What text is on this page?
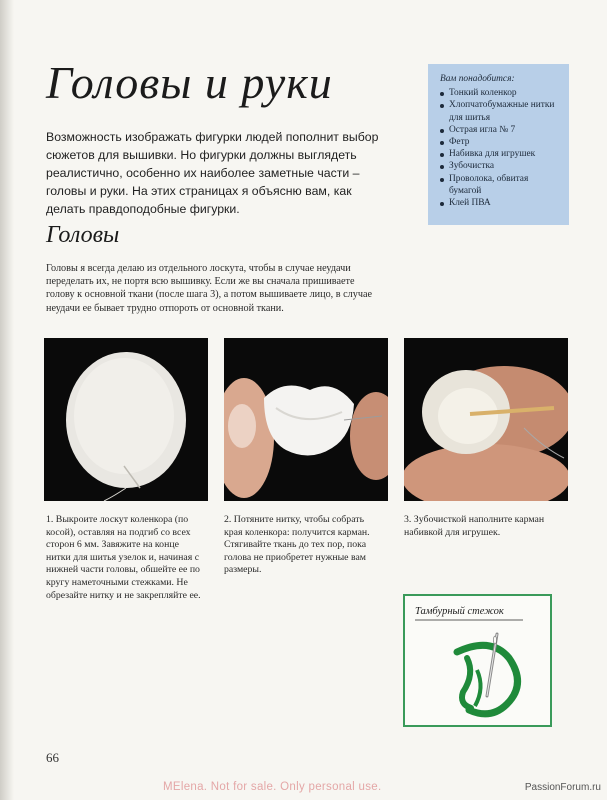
Головы и руки
Возможность изображать фигурки людей пополнит выбор сюжетов для вышивки. Но фигурки должны выглядеть реалистично, особенно их наиболее заметные части – головы и руки. На этих страницах я объясню вам, как делать правдоподобные фигурки.
Вам понадобится:
Тонкий коленкор
Хлопчатобумажные нитки для шитья
Острая игла № 7
Фетр
Набивка для игрушек
Зубочистка
Проволока, обвитая бумагой
Клей ПВА
Головы
Головы я всегда делаю из отдельного лоскута, чтобы в случае неудачи переделать их, не портя всю вышивку. Если же вы сначала пришиваете голову к основной ткани (после шага 3), а потом вышиваете лицо, в случае неудачи ее бывает трудно отпороть от основной ткани.
1. Выкроите лоскут коленкора (по косой), оставляя на подгиб со всех сторон 6 мм. Завяжите на конце нитки для шитья узелок и, начиная с нижней части головы, обшейте ее по кругу наметочными стежками. Не обрезайте нитку и не закрепляйте ее.
2. Потяните нитку, чтобы собрать края коленкора: получится карман. Стягивайте ткань до тех пор, пока голова не приобретет нужные вам размеры.
3. Зубочисткой наполните карман набивкой для игрушек.
Тамбурный стежок
66
MElena. Not for sale. Only personal use.	PassionForum.ru
